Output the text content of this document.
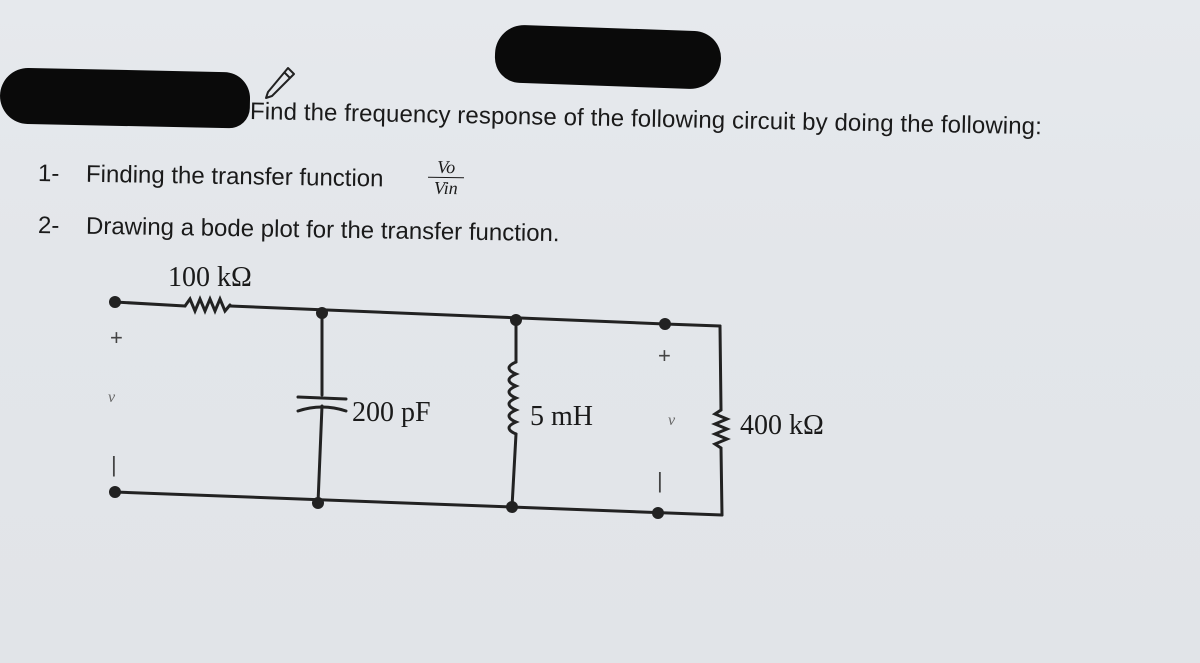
Find the frequency response of the following circuit by doing the following:
1- Finding the transfer function	Vo
Vin
2- Drawing a bode plot for the transfer function.
100 kΩ
200 pF	5 mH	400 kΩ
+
v
|
+
v
|
